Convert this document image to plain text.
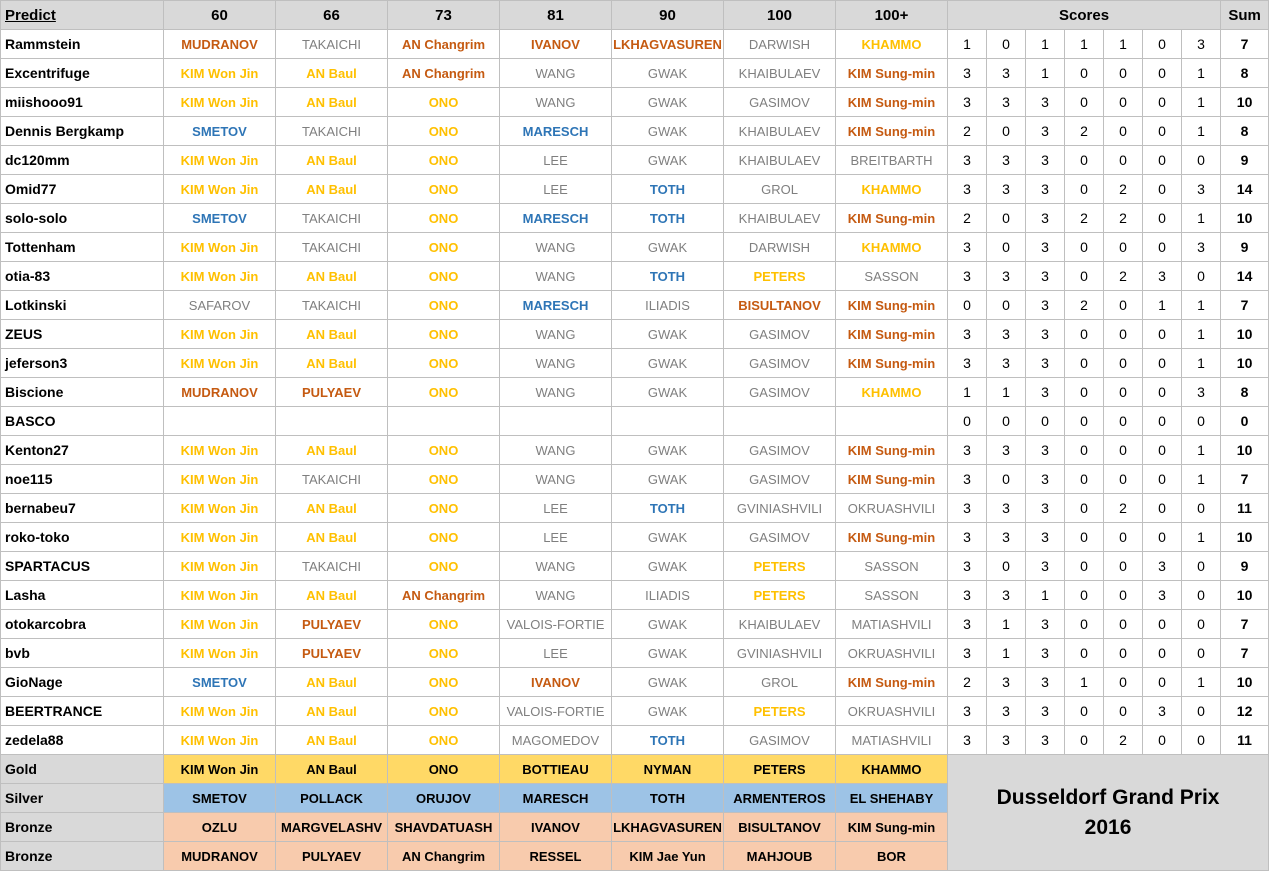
Predict	60	66	73	81	90	100	100+	Scores							Sum
Rammstein	MUDRANOV	TAKAICHI	AN Changrim	IVANOV	LKHAGVASUREN	DARWISH	KHAMMO	1	0	1	1	1	0	3	7
Excentrifuge	KIM Won Jin	AN Baul	AN Changrim	WANG	GWAK	KHAIBULAEV	KIM Sung-min	3	3	1	0	0	0	1	8
miishooo91	KIM Won Jin	AN Baul	ONO	WANG	GWAK	GASIMOV	KIM Sung-min	3	3	3	0	0	0	1	10
Dennis Bergkamp	SMETOV	TAKAICHI	ONO	MARESCH	GWAK	KHAIBULAEV	KIM Sung-min	2	0	3	2	0	0	1	8
dc120mm	KIM Won Jin	AN Baul	ONO	LEE	GWAK	KHAIBULAEV	BREITBARTH	3	3	3	0	0	0	0	9
Omid77	KIM Won Jin	AN Baul	ONO	LEE	TOTH	GROL	KHAMMO	3	3	3	0	2	0	3	14
solo-solo	SMETOV	TAKAICHI	ONO	MARESCH	TOTH	KHAIBULAEV	KIM Sung-min	2	0	3	2	2	0	1	10
Tottenham	KIM Won Jin	TAKAICHI	ONO	WANG	GWAK	DARWISH	KHAMMO	3	0	3	0	0	0	3	9
otia-83	KIM Won Jin	AN Baul	ONO	WANG	TOTH	PETERS	SASSON	3	3	3	0	2	3	0	14
Lotkinski	SAFAROV	TAKAICHI	ONO	MARESCH	ILIADIS	BISULTANOV	KIM Sung-min	0	0	3	2	0	1	1	7
ZEUS	KIM Won Jin	AN Baul	ONO	WANG	GWAK	GASIMOV	KIM Sung-min	3	3	3	0	0	0	1	10
jeferson3	KIM Won Jin	AN Baul	ONO	WANG	GWAK	GASIMOV	KIM Sung-min	3	3	3	0	0	0	1	10
Biscione	MUDRANOV	PULYAEV	ONO	WANG	GWAK	GASIMOV	KHAMMO	1	1	3	0	0	0	3	8
BASCO								0	0	0	0	0	0	0	0
Kenton27	KIM Won Jin	AN Baul	ONO	WANG	GWAK	GASIMOV	KIM Sung-min	3	3	3	0	0	0	1	10
noe115	KIM Won Jin	TAKAICHI	ONO	WANG	GWAK	GASIMOV	KIM Sung-min	3	0	3	0	0	0	1	7
bernabeu7	KIM Won Jin	AN Baul	ONO	LEE	TOTH	GVINIASHVILI	OKRUASHVILI	3	3	3	0	2	0	0	11
roko-toko	KIM Won Jin	AN Baul	ONO	LEE	GWAK	GASIMOV	KIM Sung-min	3	3	3	0	0	0	1	10
SPARTACUS	KIM Won Jin	TAKAICHI	ONO	WANG	GWAK	PETERS	SASSON	3	0	3	0	0	3	0	9
Lasha	KIM Won Jin	AN Baul	AN Changrim	WANG	ILIADIS	PETERS	SASSON	3	3	1	0	0	3	0	10
otokarcobra	KIM Won Jin	PULYAEV	ONO	VALOIS-FORTIE	GWAK	KHAIBULAEV	MATIASHVILI	3	1	3	0	0	0	0	7
bvb	KIM Won Jin	PULYAEV	ONO	LEE	GWAK	GVINIASHVILI	OKRUASHVILI	3	1	3	0	0	0	0	7
GioNage	SMETOV	AN Baul	ONO	IVANOV	GWAK	GROL	KIM Sung-min	2	3	3	1	0	0	1	10
BEERTRANCE	KIM Won Jin	AN Baul	ONO	VALOIS-FORTIE	GWAK	PETERS	OKRUASHVILI	3	3	3	0	0	3	0	12
zedela88	KIM Won Jin	AN Baul	ONO	MAGOMEDOV	TOTH	GASIMOV	MATIASHVILI	3	3	3	0	2	0	0	11
Gold	KIM Won Jin	AN Baul	ONO	BOTTIEAU	NYMAN	PETERS	KHAMMO	Dusseldorf Grand Prix
2016							

Silver	SMETOV	POLLACK	ORUJOV	MARESCH	TOTH	ARMENTEROS	EL SHEHABY								
Bronze	OZLU	MARGVELASHV	SHAVDATUASH	IVANOV	LKHAGVASUREN	BISULTANOV	KIM Sung-min								
Bronze	MUDRANOV	PULYAEV	AN Changrim	RESSEL	KIM Jae Yun	MAHJOUB	BOR								
